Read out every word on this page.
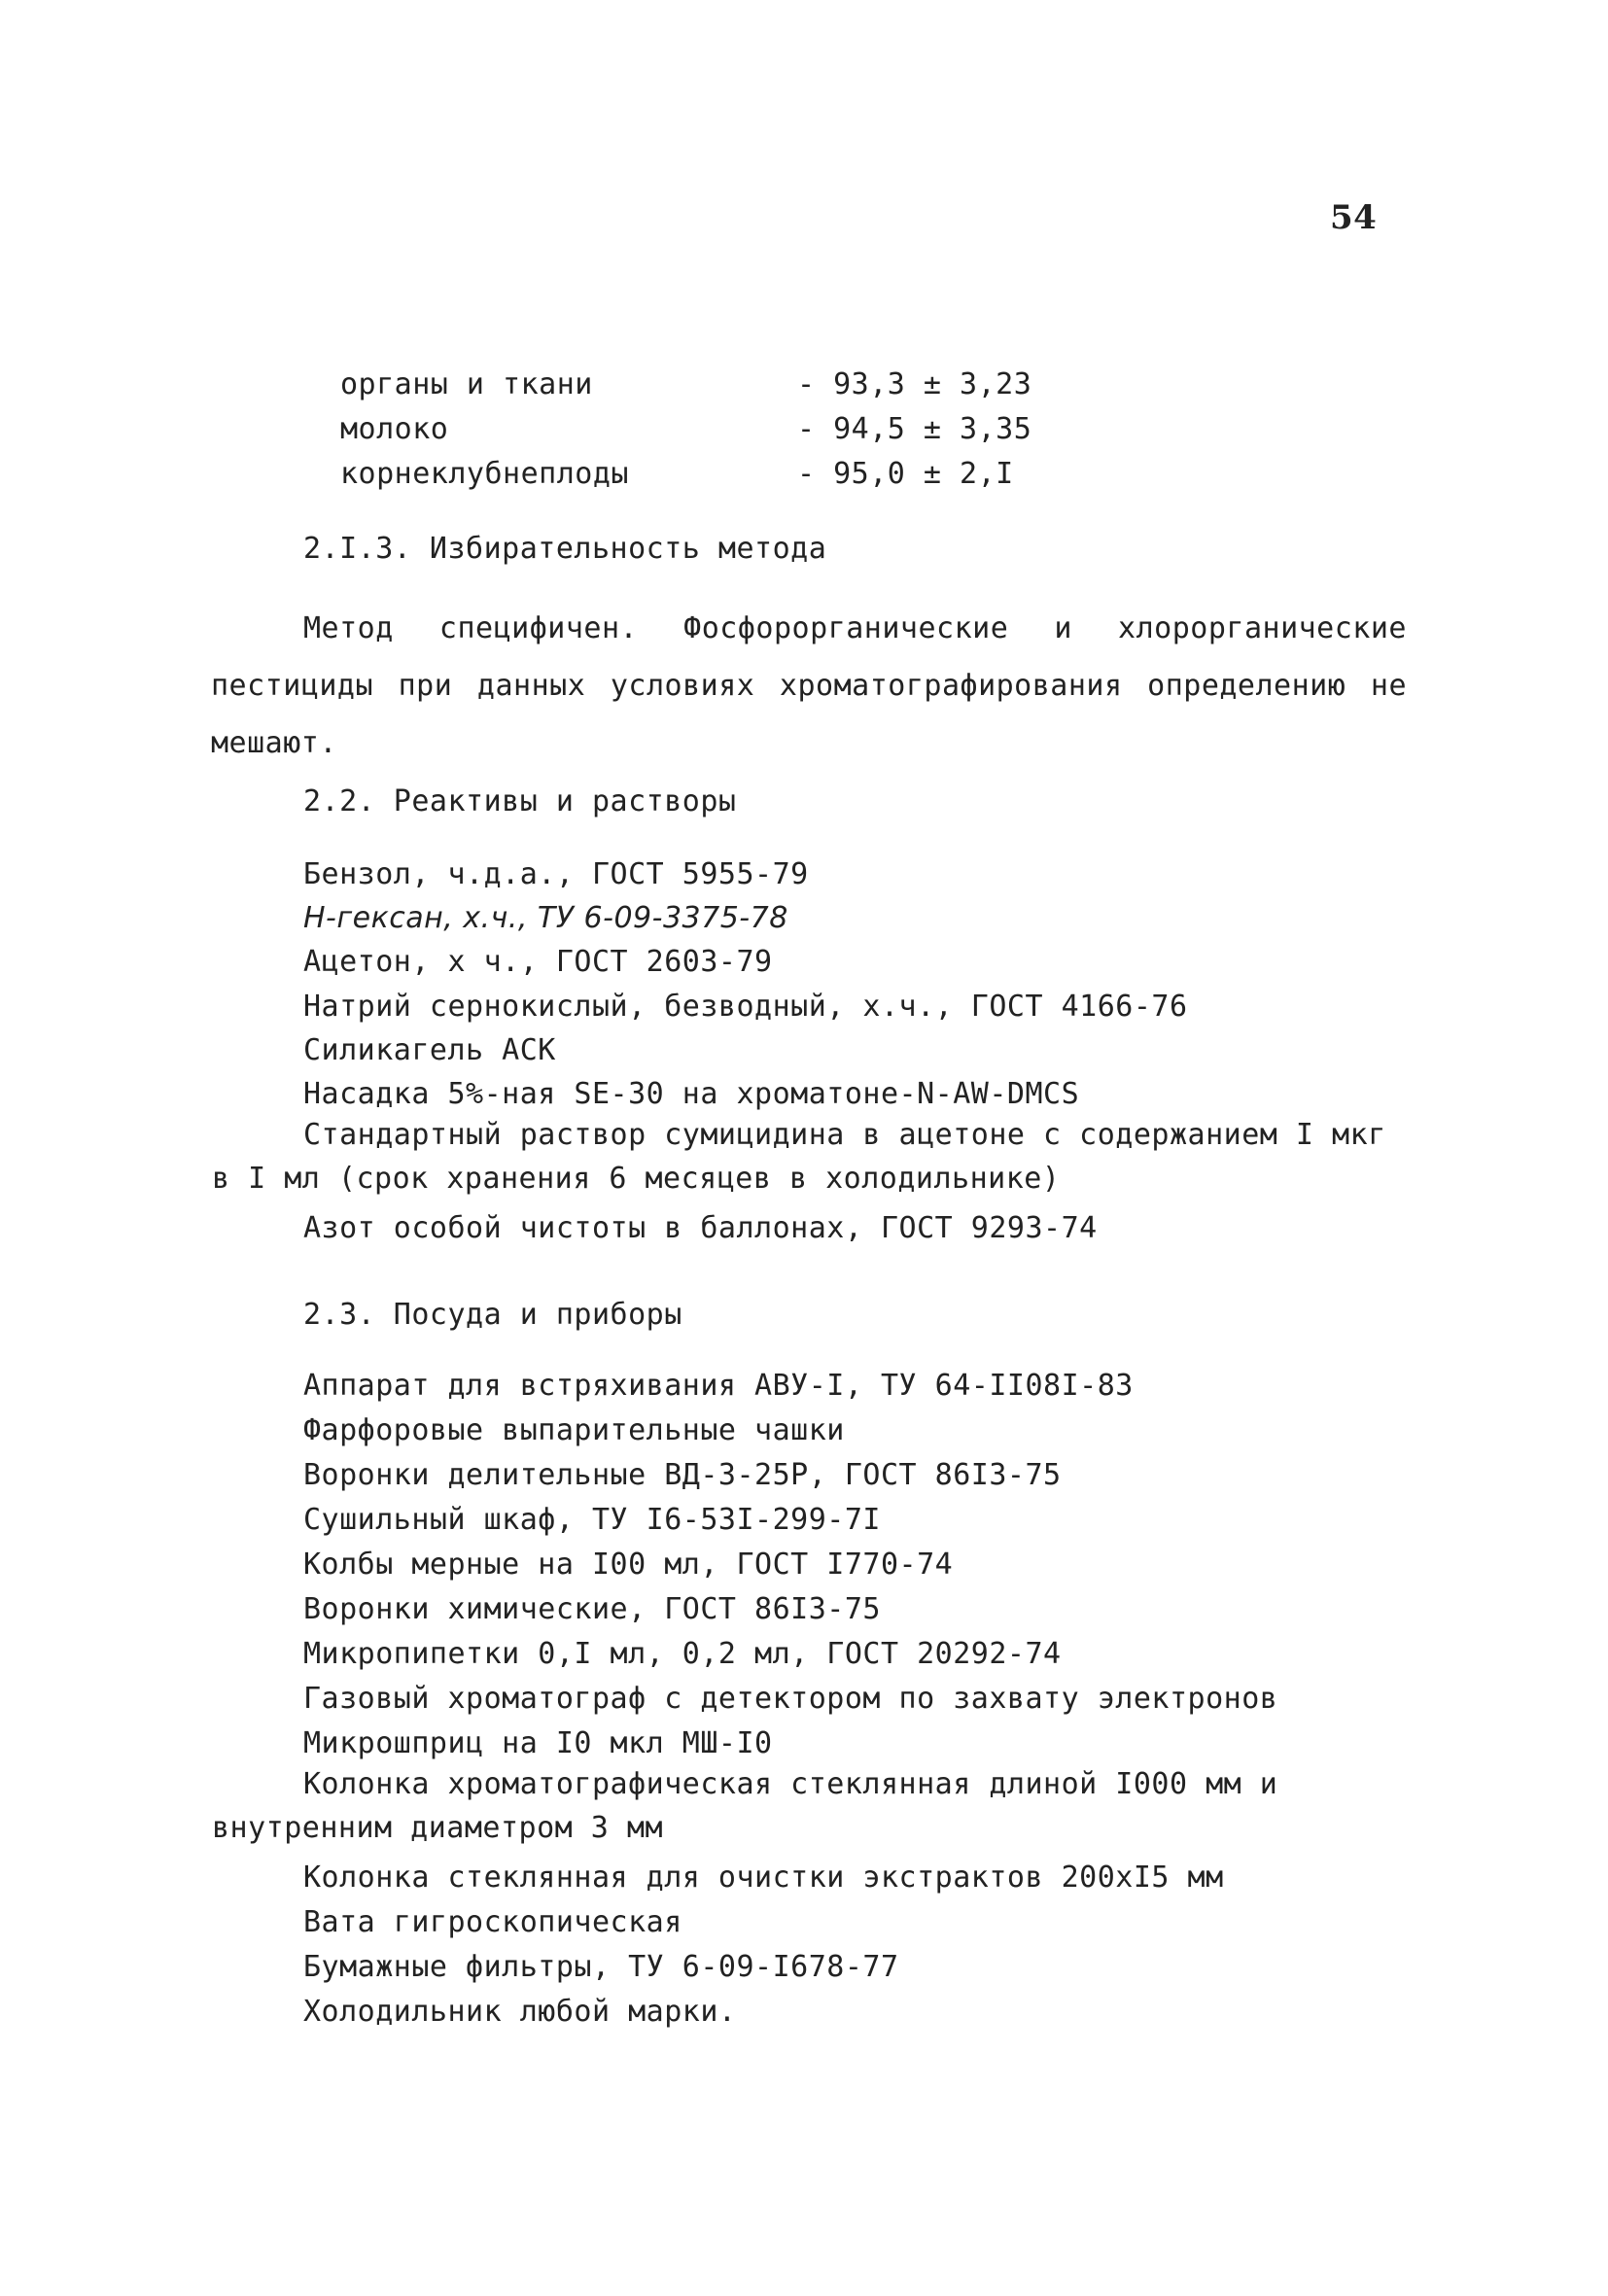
54
органы и ткани	- 93,3 ± 3,23
молоко	- 94,5 ± 3,35
корнеклубнеплоды	- 95,0 ± 2,I
2.I.3. Избирательность метода
Метод специфичен. Фосфорорганические и хлорорганические пестициды при данных условиях хроматографирования определению не мешают.
2.2. Реактивы и растворы
Бензол, ч.д.а., ГОСТ 5955-79
Н-гексан, х.ч., ТУ 6-09-3375-78
Ацетон, х ч., ГОСТ 2603-79
Натрий сернокислый, безводный, х.ч., ГОСТ 4166-76
Силикагель АСК
Насадка 5%-ная SE-30 на хроматоне-N-AW-DMCS
Стандартный раствор сумицидина в ацетоне с содержанием I мкг в I мл (срок хранения 6 месяцев в холодильнике)
Азот особой чистоты в баллонах, ГОСТ 9293-74
2.3. Посуда и приборы
Аппарат для встряхивания АВУ-I, ТУ 64-II08I-83
Фарфоровые выпарительные чашки
Воронки делительные ВД-3-25Р, ГОСТ 86I3-75
Сушильный шкаф, ТУ I6-53I-299-7I
Колбы мерные на I00 мл, ГОСТ I770-74
Воронки химические, ГОСТ 86I3-75
Микропипетки 0,I мл, 0,2 мл, ГОСТ 20292-74
Газовый хроматограф с детектором по захвату электронов
Микрошприц на I0 мкл МШ-I0
Колонка хроматографическая стеклянная длиной I000 мм и внутренним диаметром 3 мм
Колонка стеклянная для очистки экстрактов 200хI5 мм
Вата гигроскопическая
Бумажные фильтры, ТУ 6-09-I678-77
Холодильник любой марки.
